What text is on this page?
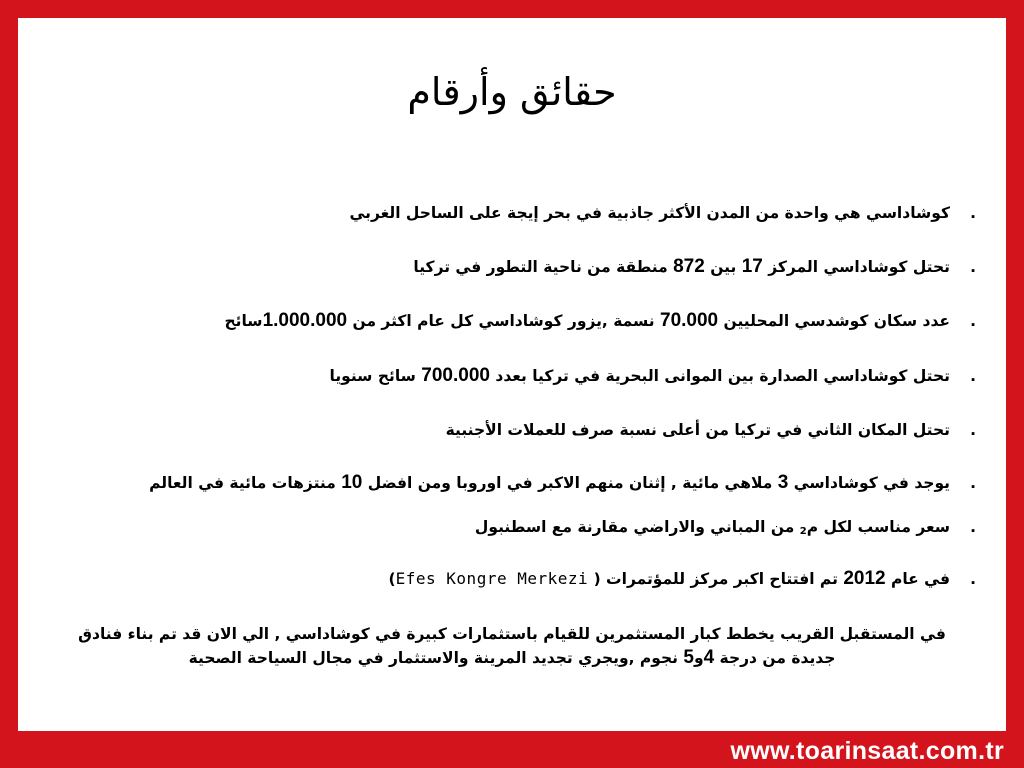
حقائق وأرقام
.
كوشاداسي هي واحدة من المدن الأكثر جاذبية في بحر إيجة على الساحل الغربي
.
تحتل كوشاداسي المركز 17 بين 872 منطقة من ناحية التطور في تركيا
.
عدد سكان كوشدسي المحليين 70.000 نسمة ,يزور كوشاداسي كل عام اكثر من 1.000.000سائح
.
تحتل كوشاداسي الصدارة بين الموانى البحرية في تركيا بعدد 700.000 سائح سنويا
.
تحتل المكان الثاني في تركيا من أعلى نسبة صرف للعملات الأجنبية
.
يوجد في كوشاداسي 3 ملاهي مائية , إثنان منهم الاكبر في اوروبا ومن افضل 10 منتزهات مائية في العالم
.
سعر مناسب لكل م$_2$ من المباني والاراضي مقارنة مع اسطنبول
.
في عام 2012 تم افتتاح اكبر مركز للمؤتمرات ( Efes Kongre Merkezi)
في المستقبل القريب يخطط كبار المستثمرين للقيام باستثمارات كبيرة في كوشاداسي , الي الان قد تم بناء فنادق
جديدة من درجة 4و5 نجوم ,ويجري تجديد المرينة والاستثمار في مجال السياحة الصحية
www.toarinsaat.com.tr
